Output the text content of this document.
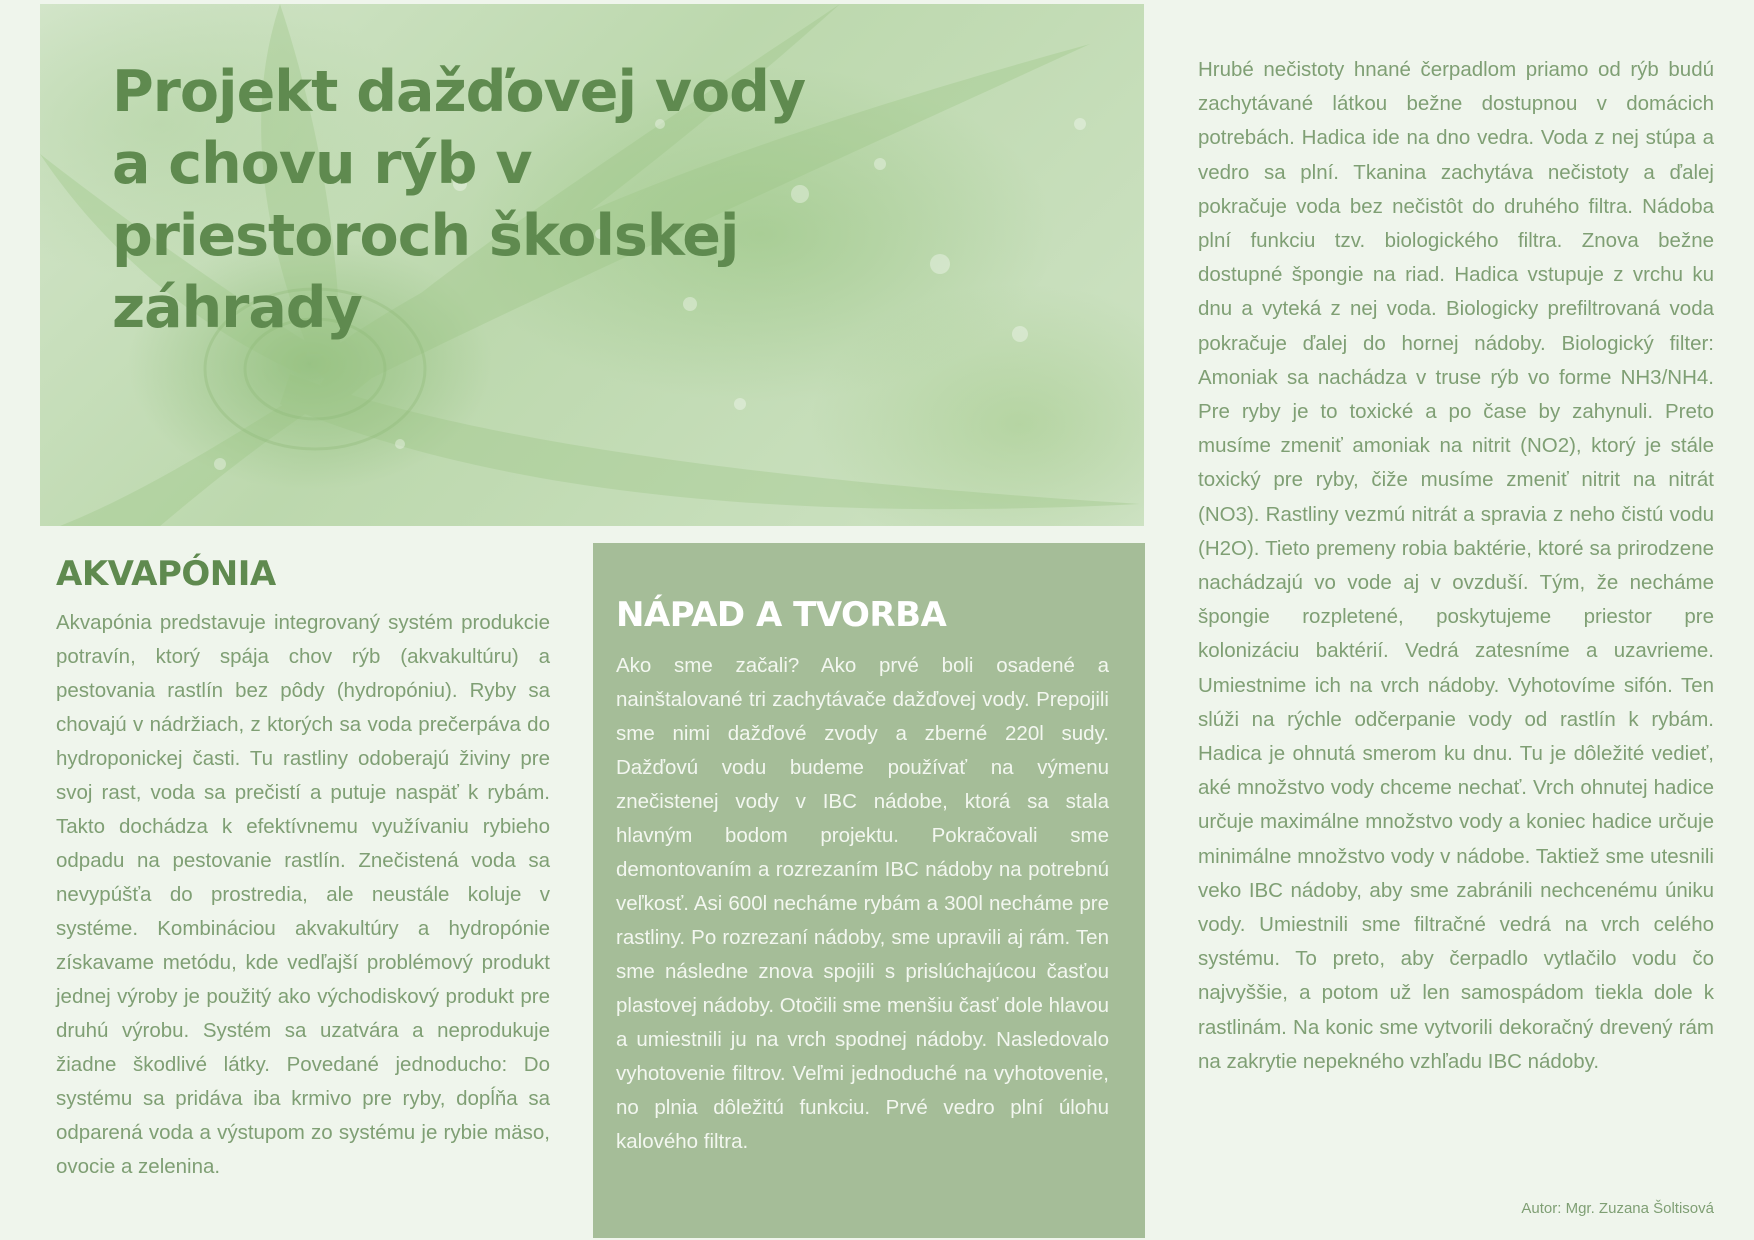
Projekt dažďovej vody
a chovu rýb v
priestoroch školskej
záhrady
AKVAPÓNIA

Akvapónia predstavuje integrovaný systém produkcie potravín, ktorý spája chov rýb (akvakultúru) a pestovania rastlín bez pôdy (hydropóniu). Ryby sa chovajú v nádržiach, z ktorých sa voda prečerpáva do hydroponickej časti. Tu rastliny odoberajú živiny pre svoj rast, voda sa prečistí a putuje naspäť k rybám. Takto dochádza k efektívnemu využívaniu rybieho odpadu na pestovanie rastlín. Znečistená voda sa nevypúšťa do prostredia, ale neustále koluje v systéme. Kombináciou akvakultúry a hydropónie získavame metódu, kde vedľajší problémový produkt jednej výroby je použitý ako východiskový produkt pre druhú výrobu. Systém sa uzatvára a neprodukuje žiadne škodlivé látky. Povedané jednoducho: Do systému sa pridáva iba krmivo pre ryby, dopĺňa sa odparená voda a výstupom zo systému je rybie mäso, ovocie a zelenina.

NÁPAD A TVORBA

Ako sme začali? Ako prvé boli osadené a nainštalované tri zachytávače dažďovej vody. Prepojili sme nimi dažďové zvody a zberné 220l sudy. Dažďovú vodu budeme používať na výmenu znečistenej vody v IBC nádobe, ktorá sa stala hlavným bodom projektu. Pokračovali sme demontovaním a rozrezaním IBC nádoby na potrebnú veľkosť. Asi 600l necháme rybám a 300l necháme pre rastliny. Po rozrezaní nádoby, sme upravili aj rám. Ten sme následne znova spojili s prislúchajúcou časťou plastovej nádoby. Otočili sme menšiu časť dole hlavou a umiestnili ju na vrch spodnej nádoby. Nasledovalo vyhotovenie filtrov. Veľmi jednoduché na vyhotovenie, no plnia dôležitú funkciu. Prvé vedro plní úlohu kalového filtra.

Hrubé nečistoty hnané čerpadlom priamo od rýb budú zachytávané látkou bežne dostupnou v domácich potrebách. Hadica ide na dno vedra. Voda z nej stúpa a vedro sa plní. Tkanina zachytáva nečistoty a ďalej pokračuje voda bez nečistôt do druhého filtra. Nádoba plní funkciu tzv. biologického filtra. Znova bežne dostupné špongie na riad. Hadica vstupuje z vrchu ku dnu a vyteká z nej voda. Biologicky prefiltrovaná voda pokračuje ďalej do hornej nádoby. Biologický filter: Amoniak sa nachádza v truse rýb vo forme NH3/NH4. Pre ryby je to toxické a po čase by zahynuli. Preto musíme zmeniť amoniak na nitrit (NO2), ktorý je stále toxický pre ryby, čiže musíme zmeniť nitrit na nitrát (NO3). Rastliny vezmú nitrát a spravia z neho čistú vodu (H2O). Tieto premeny robia baktérie, ktoré sa prirodzene nachádzajú vo vode aj v ovzduší. Tým, že necháme špongie rozpletené, poskytujeme priestor pre kolonizáciu baktérií. Vedrá zatesníme a uzavrieme. Umiestnime ich na vrch nádoby. Vyhotovíme sifón. Ten slúži na rýchle odčerpanie vody od rastlín k rybám. Hadica je ohnutá smerom ku dnu. Tu je dôležité vedieť, aké množstvo vody chceme nechať. Vrch ohnutej hadice určuje maximálne množstvo vody a koniec hadice určuje minimálne množstvo vody v nádobe. Taktiež sme utesnili veko IBC nádoby, aby sme zabránili nechcenému úniku vody. Umiestnili sme filtračné vedrá na vrch celého systému. To preto, aby čerpadlo vytlačilo vodu čo najvyššie, a potom už len samospádom tiekla dole k rastlinám. Na konic sme vytvorili dekoračný drevený rám na zakrytie nepekného vzhľadu IBC nádoby.

Autor: Mgr. Zuzana Šoltisová
